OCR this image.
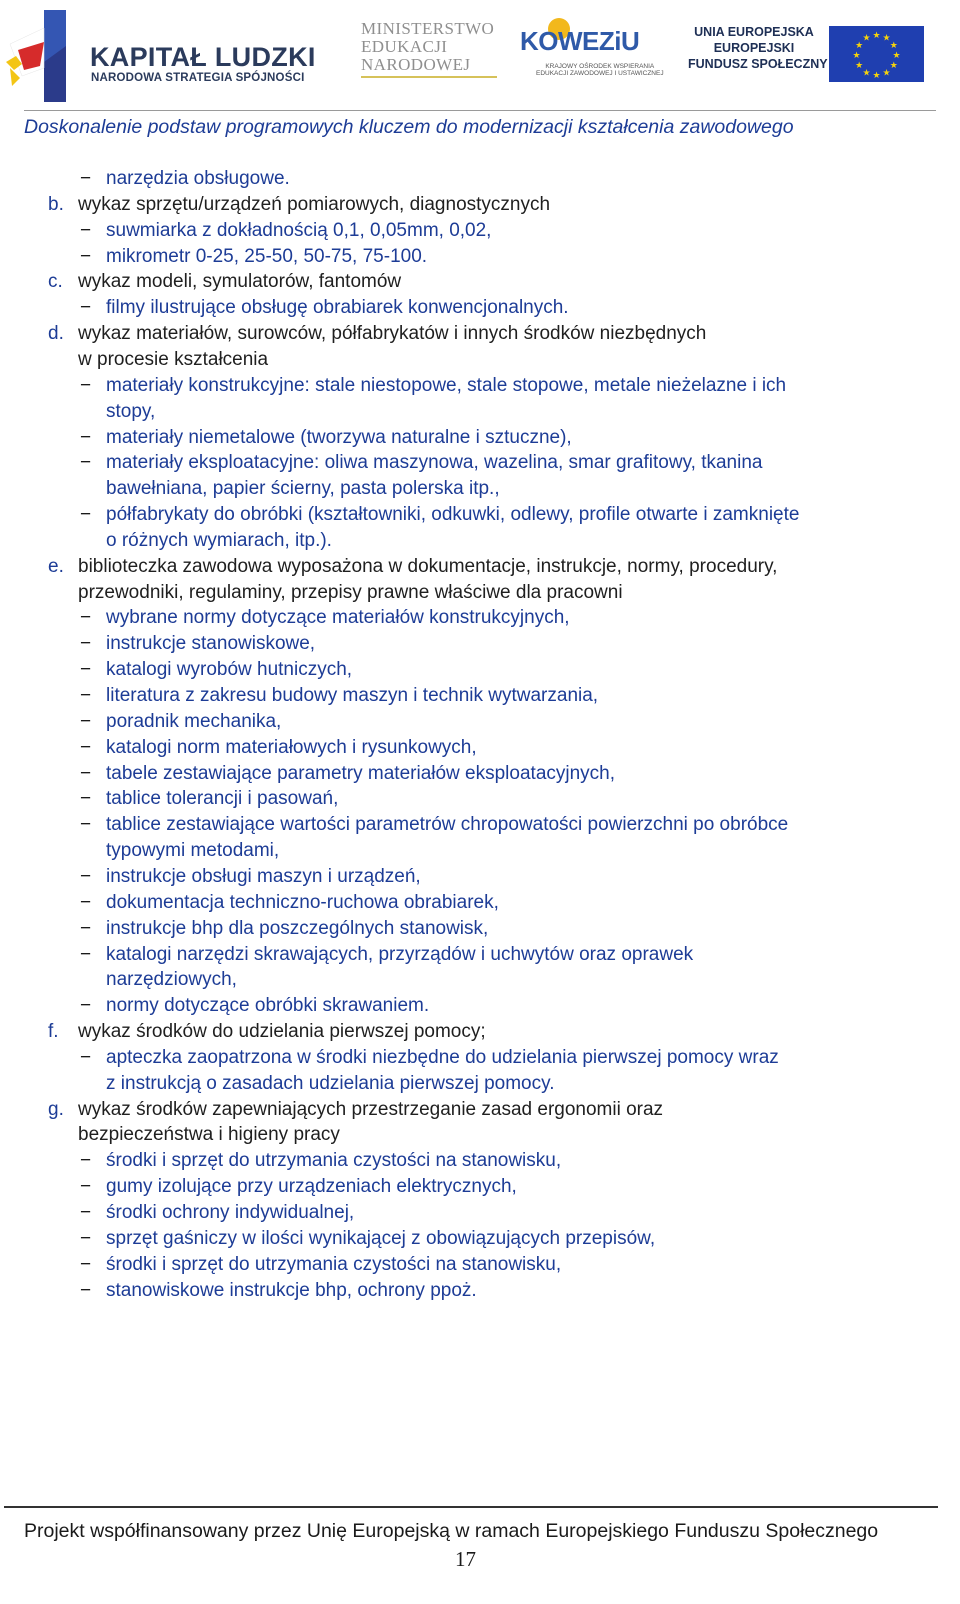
KAPITAŁ LUDZKI
NARODOWA STRATEGIA SPÓJNOŚCI
MINISTERSTWO
EDUKACJI
NARODOWEJ
KOWEZiU
KRAJOWY OŚRODEK WSPIERANIA
EDUKACJI ZAWODOWEJ I USTAWICZNEJ
UNIA EUROPEJSKA
EUROPEJSKI
FUNDUSZ SPOŁECZNY
★ ★
★
★
★
★
★
★
★
★
★
★
Doskonalenie podstaw programowych kluczem do modernizacji kształcenia zawodowego
− narzędzia obsługowe.
b. wykaz sprzętu/urządzeń pomiarowych, diagnostycznych
− suwmiarka z dokładnością 0,1, 0,05mm, 0,02,
− mikrometr 0-25, 25-50, 50-75, 75-100.
c. wykaz modeli, symulatorów, fantomów
− filmy ilustrujące obsługę obrabiarek konwencjonalnych.
d. wykaz materiałów, surowców, półfabrykatów i innych środków niezbędnych
w procesie kształcenia
− materiały konstrukcyjne: stale niestopowe, stale stopowe, metale nieżelazne i ich
stopy,
− materiały niemetalowe (tworzywa naturalne i sztuczne),
− materiały eksploatacyjne: oliwa maszynowa, wazelina, smar grafitowy, tkanina
bawełniana, papier ścierny, pasta polerska itp.,
− półfabrykaty do obróbki (kształtowniki, odkuwki, odlewy, profile otwarte i zamknięte
o różnych wymiarach, itp.).
e. biblioteczka zawodowa wyposażona w dokumentacje, instrukcje, normy, procedury,
przewodniki, regulaminy, przepisy prawne właściwe dla pracowni
− wybrane normy dotyczące materiałów konstrukcyjnych,
− instrukcje stanowiskowe,
− katalogi wyrobów hutniczych,
− literatura z zakresu budowy maszyn i technik wytwarzania,
− poradnik mechanika,
− katalogi norm materiałowych i rysunkowych,
− tabele zestawiające parametry materiałów eksploatacyjnych,
− tablice tolerancji i pasowań,
− tablice zestawiające wartości parametrów chropowatości powierzchni po obróbce
typowymi metodami,
− instrukcje obsługi maszyn i urządzeń,
− dokumentacja techniczno-ruchowa obrabiarek,
− instrukcje bhp dla poszczególnych stanowisk,
− katalogi narzędzi skrawających, przyrządów i uchwytów oraz oprawek
narzędziowych,
− normy dotyczące obróbki skrawaniem.
f. wykaz środków do udzielania pierwszej pomocy;
− apteczka zaopatrzona w środki niezbędne do udzielania pierwszej pomocy wraz
z instrukcją o zasadach udzielania pierwszej pomocy.
g. wykaz środków zapewniających przestrzeganie zasad ergonomii oraz
bezpieczeństwa i higieny pracy
− środki i sprzęt do utrzymania czystości na stanowisku,
− gumy izolujące przy urządzeniach elektrycznych,
− środki ochrony indywidualnej,
− sprzęt gaśniczy w ilości wynikającej z obowiązujących przepisów,
− środki i sprzęt do utrzymania czystości na stanowisku,
− stanowiskowe instrukcje bhp, ochrony ppoż.
Projekt współfinansowany przez Unię Europejską w ramach Europejskiego Funduszu Społecznego
17
